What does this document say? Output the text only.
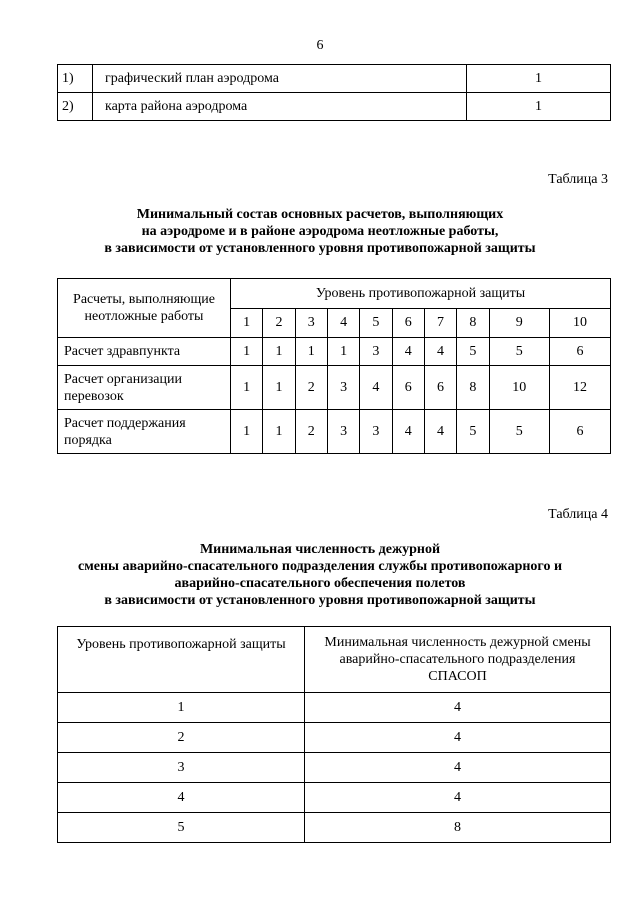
6
1)	графический план аэродрома	1
2)	карта района аэродрома	1
Таблица 3
Минимальный состав основных расчетов, выполняющих
на аэродроме и в районе аэродрома неотложные работы,
в зависимости от установленного уровня противопожарной защиты
Расчеты, выполняющие
неотложные работы	Уровень противопожарной защиты									
	1	2	3	4	5	6	7	8	9	10

Расчет здравпункта	1	1	1	1	3	4	4	5	5	6

Расчет организации
перевозок	1	1	2	3	4	6	6	8	10	12

Расчет поддержания
порядка	1	1	2	3	3	4	4	5	5	6
Таблица 4
Минимальная численность дежурной
смены аварийно-спасательного подразделения службы противопожарного и
аварийно-спасательного обеспечения полетов
в зависимости от установленного уровня противопожарной защиты
Уровень противопожарной защиты	Минимальная численность дежурной смены
аварийно-спасательного подразделения
СПАСОП

1	4
2	4
3	4
4	4
5	8
